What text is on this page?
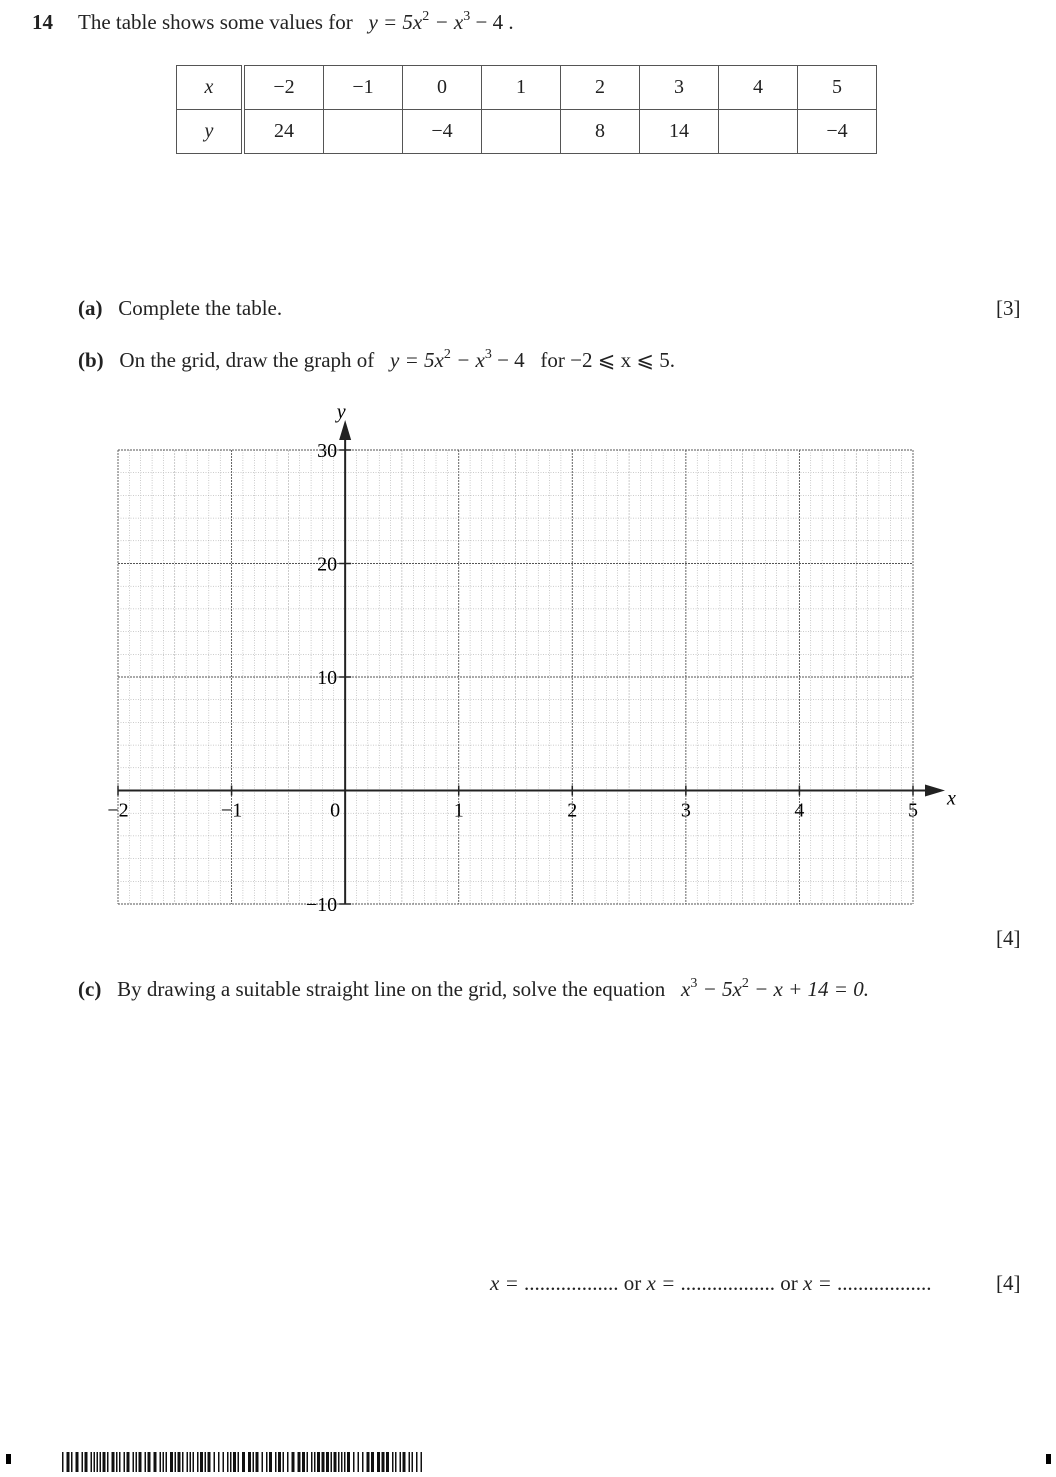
14 The table shows some values for $y = 5x^2 - x^3 - 4$ .
x	−2	−1	0	1	2	3	4	5
y	24		−4		8	14		−4
(a) Complete the table.	[3]
(b) On the grid, draw the graph of $y = 5x^2 - x^3 - 4$ for −2 ⩽ x ⩽ 5.
y
x
−2	−1	0	1	2	3	4	5
30
20
10
−10
[4]
(c) By drawing a suitable straight line on the grid, solve the equation $x^3 - 5x^2 - x + 14 = 0$.
x = .................. or x = .................. or x = ..................	[4]
